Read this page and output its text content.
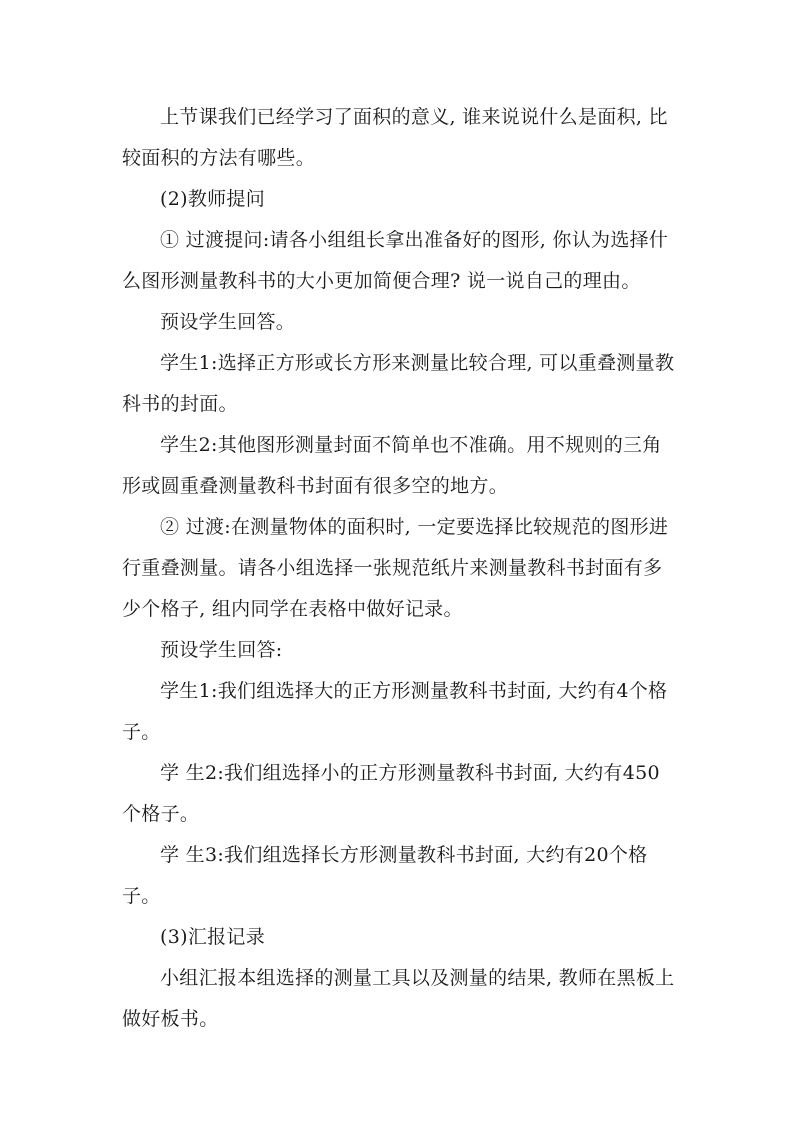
上节课我们已经学习了面积的意义, 谁来说说什么是面积, 比较面积的方法有哪些。

(2)教师提问

① 过渡提问:请各小组组长拿出准备好的图形, 你认为选择什么图形测量教科书的大小更加简便合理? 说一说自己的理由。

预设学生回答。

学生1:选择正方形或长方形来测量比较合理, 可以重叠测量教科书的封面。

学生2:其他图形测量封面不简单也不准确。用不规则的三角形或圆重叠测量教科书封面有很多空的地方。

② 过渡:在测量物体的面积时, 一定要选择比较规范的图形进行重叠测量。请各小组选择一张规范纸片来测量教科书封面有多少个格子, 组内同学在表格中做好记录。

预设学生回答:

学生1:我们组选择大的正方形测量教科书封面, 大约有4个格子。

学 生2:我们组选择小的正方形测量教科书封面, 大约有450个格子。

学 生3:我们组选择长方形测量教科书封面, 大约有20个格子。

(3)汇报记录

小组汇报本组选择的测量工具以及测量的结果, 教师在黑板上做好板书。
